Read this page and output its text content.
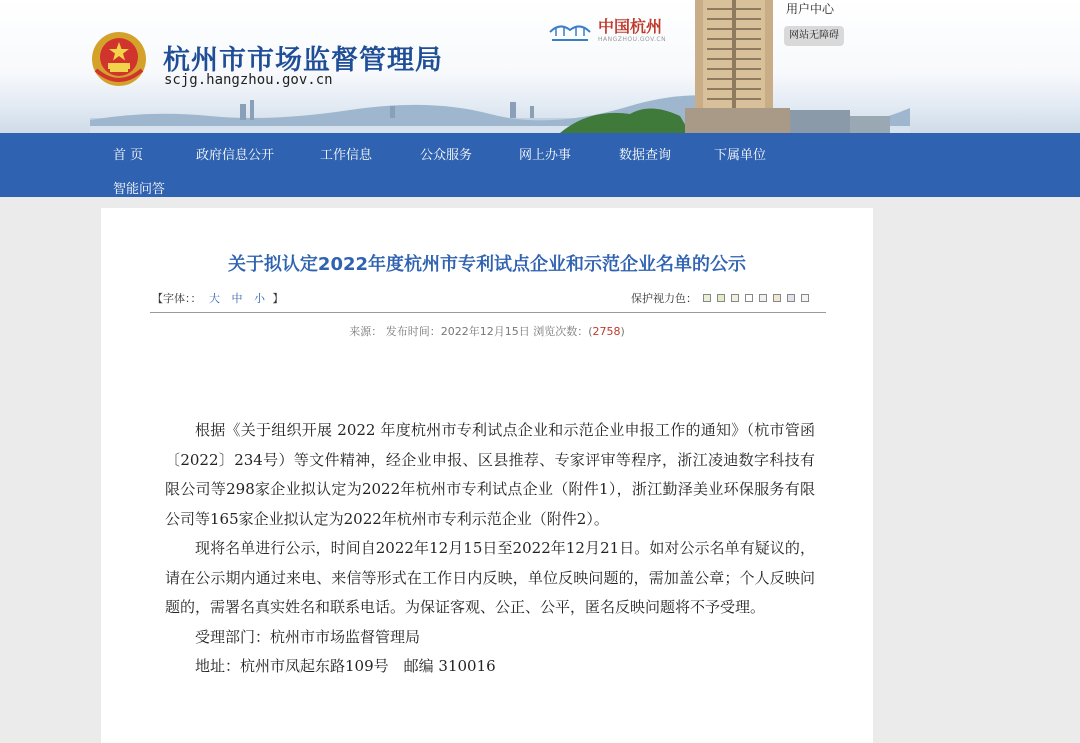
杭州市市场监督管理局
scjg.hangzhou.gov.cn
中国杭州
HANGZHOU.GOV.CN
用户中心
网站无障碍
首 页	政府信息公开	工作信息	公众服务	网上办事	数据查询	下属单位
智能问答
关于拟认定2022年度杭州市专利试点企业和示范企业名单的公示
【字体：： 大 中 小 】	保护视力色：
来源： 发布时间：2022年12月15日 浏览次数：(2758)

根据《关于组织开展 2022 年度杭州市专利试点企业和示范企业申报工作的通知》（杭市管函〔2022〕234号）等文件精神，经企业申报、区县推荐、专家评审等程序，浙江凌迪数字科技有限公司等298家企业拟认定为2022年杭州市专利试点企业（附件1），浙江勤泽美业环保服务有限公司等165家企业拟认定为2022年杭州市专利示范企业（附件2）。

现将名单进行公示，时间自2022年12月15日至2022年12月21日。如对公示名单有疑议的，请在公示期内通过来电、来信等形式在工作日内反映，单位反映问题的，需加盖公章；个人反映问题的，需署名真实姓名和联系电话。为保证客观、公正、公平，匿名反映问题将不予受理。

受理部门：杭州市市场监督管理局

地址：杭州市凤起东路109号　邮编 310016
